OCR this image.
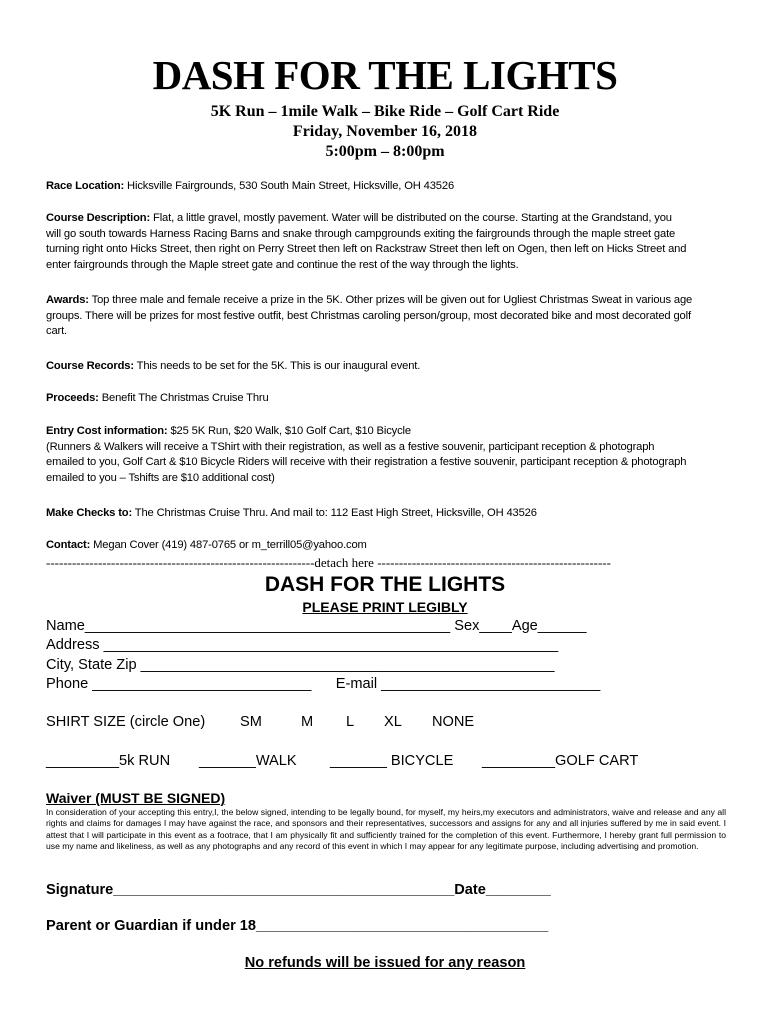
DASH FOR THE LIGHTS
5K Run – 1mile Walk – Bike Ride – Golf Cart Ride
Friday, November 16, 2018
5:00pm – 8:00pm
Race Location: Hicksville Fairgrounds, 530 South Main Street, Hicksville, OH 43526
Course Description: Flat, a little gravel, mostly pavement. Water will be distributed on the course. Starting at the Grandstand, you
will go south towards Harness Racing Barns and snake through campgrounds exiting the fairgrounds through the maple street gate
turning right onto Hicks Street, then right on Perry Street then left on Rackstraw Street then left on Ogen, then left on Hicks Street and
enter fairgrounds through the Maple street gate and continue the rest of the way through the lights.
Awards: Top three male and female receive a prize in the 5K. Other prizes will be given out for Ugliest Christmas Sweat in various age
groups. There will be prizes for most festive outfit, best Christmas caroling person/group, most decorated bike and most decorated golf
cart.
Course Records: This needs to be set for the 5K. This is our inaugural event.
Proceeds: Benefit The Christmas Cruise Thru
Entry Cost information: $25 5K Run, $20 Walk, $10 Golf Cart, $10 Bicycle
(Runners & Walkers will receive a TShirt with their registration, as well as a festive souvenir, participant reception & photograph
emailed to you, Golf Cart & $10 Bicycle Riders will receive with their registration a festive souvenir, participant reception & photograph
emailed to you – Tshifts are $10 additional cost)
Make Checks to: The Christmas Cruise Thru. And mail to: 112 East High Street, Hicksville, OH 43526
Contact: Megan Cover (419) 487-0765 or m_terrill05@yahoo.com
--------------------------------------------------------------detach here ------------------------------------------------------
DASH FOR THE LIGHTS
PLEASE PRINT LEGIBLY
Name_____________________________________________ Sex____Age______
Address ________________________________________________________
City, State Zip ___________________________________________________
Phone ___________________________      E-mail ___________________________
SHIRT SIZE (circle One) SM	M L XL NONE
_________5k RUN _______WALK _______ BICYCLE _________GOLF CART
Waiver (MUST BE SIGNED)
In consideration of your accepting this entry,I, the below signed, intending to be legally bound, for myself, my heirs,my executors and administrators, waive and release and any all rights and claims for damages I may have against the race, and sponsors and their representatives, successors and assigns for any and all injuries suffered by me in said event. I attest that I will participate in this event as a footrace, that I am physically fit and sufficiently trained for the completion of this event. Furthermore, I hereby grant full permission to use my name and likeliness, as well as any photographs and any record of this event in which I may appear for any legitimate purpose, including advertising and promotion.
Signature__________________________________________Date________
Parent or Guardian if under 18____________________________________
No refunds will be issued for any reason
